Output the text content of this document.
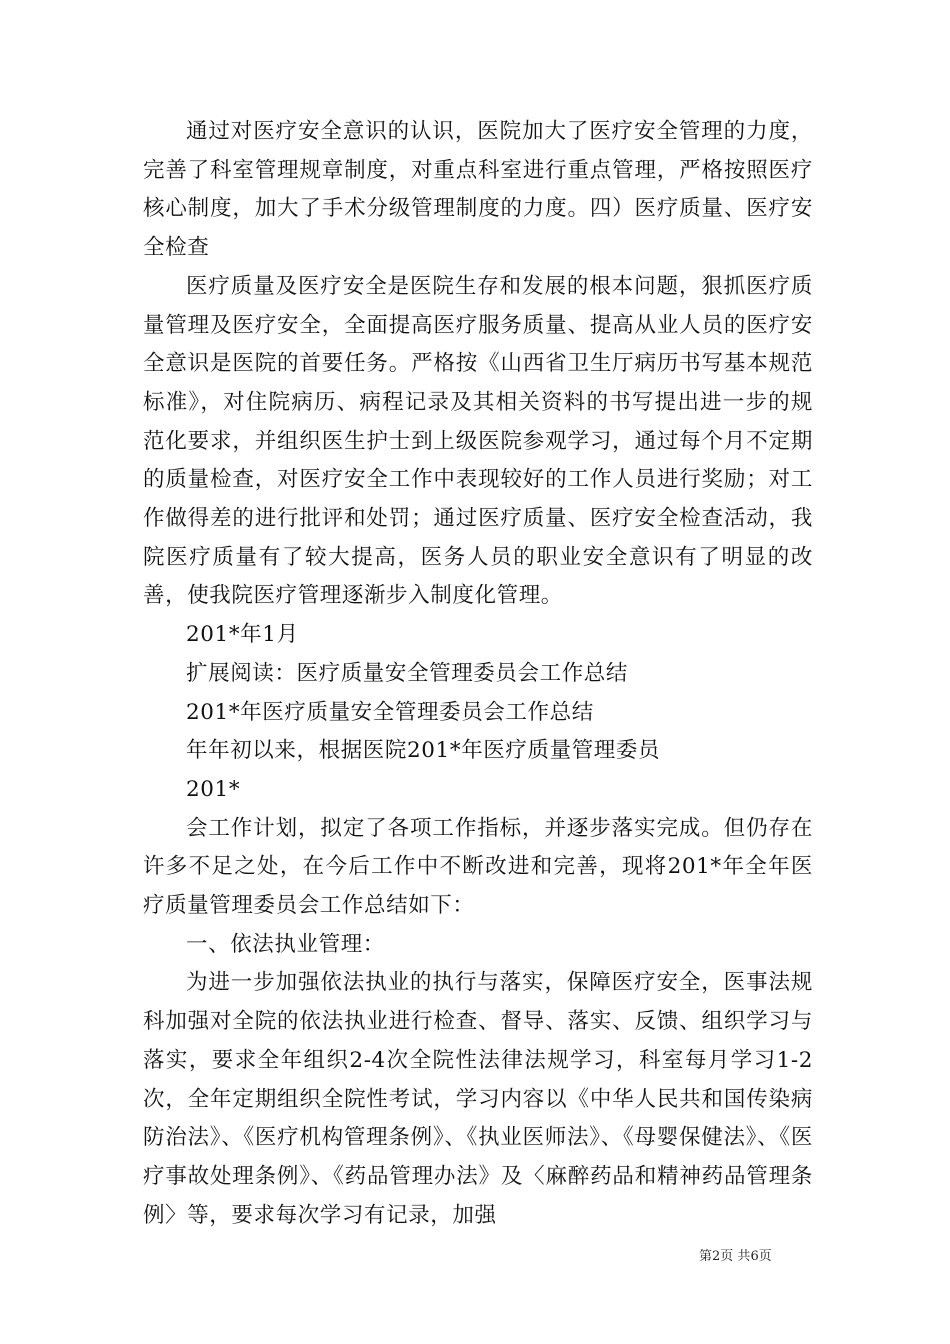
通过对医疗安全意识的认识，医院加大了医疗安全管理的力度，完善了科室管理规章制度，对重点科室进行重点管理，严格按照医疗核心制度，加大了手术分级管理制度的力度。四）医疗质量、医疗安全检查

医疗质量及医疗安全是医院生存和发展的根本问题，狠抓医疗质量管理及医疗安全，全面提高医疗服务质量、提高从业人员的医疗安全意识是医院的首要任务。严格按《山西省卫生厅病历书写基本规范标准》，对住院病历、病程记录及其相关资料的书写提出进一步的规范化要求，并组织医生护士到上级医院参观学习，通过每个月不定期的质量检查，对医疗安全工作中表现较好的工作人员进行奖励；对工作做得差的进行批评和处罚；通过医疗质量、医疗安全检查活动，我院医疗质量有了较大提高，医务人员的职业安全意识有了明显的改善，使我院医疗管理逐渐步入制度化管理。

201*年1月

扩展阅读：医疗质量安全管理委员会工作总结

201*年医疗质量安全管理委员会工作总结

年年初以来，根据医院201*年医疗质量管理委员

201*

会工作计划，拟定了各项工作指标，并逐步落实完成。但仍存在许多不足之处，在今后工作中不断改进和完善，现将201*年全年医疗质量管理委员会工作总结如下：

一、依法执业管理：

为进一步加强依法执业的执行与落实，保障医疗安全，医事法规科加强对全院的依法执业进行检查、督导、落实、反馈、组织学习与落实，要求全年组织2-4次全院性法律法规学习，科室每月学习1-2次，全年定期组织全院性考试，学习内容以《中华人民共和国传染病防治法》、《医疗机构管理条例》、《执业医师法》、《母婴保健法》、《医疗事故处理条例》、《药品管理办法》及〈麻醉药品和精神药品管理条例〉等，要求每次学习有记录，加强

第2页 共6页
